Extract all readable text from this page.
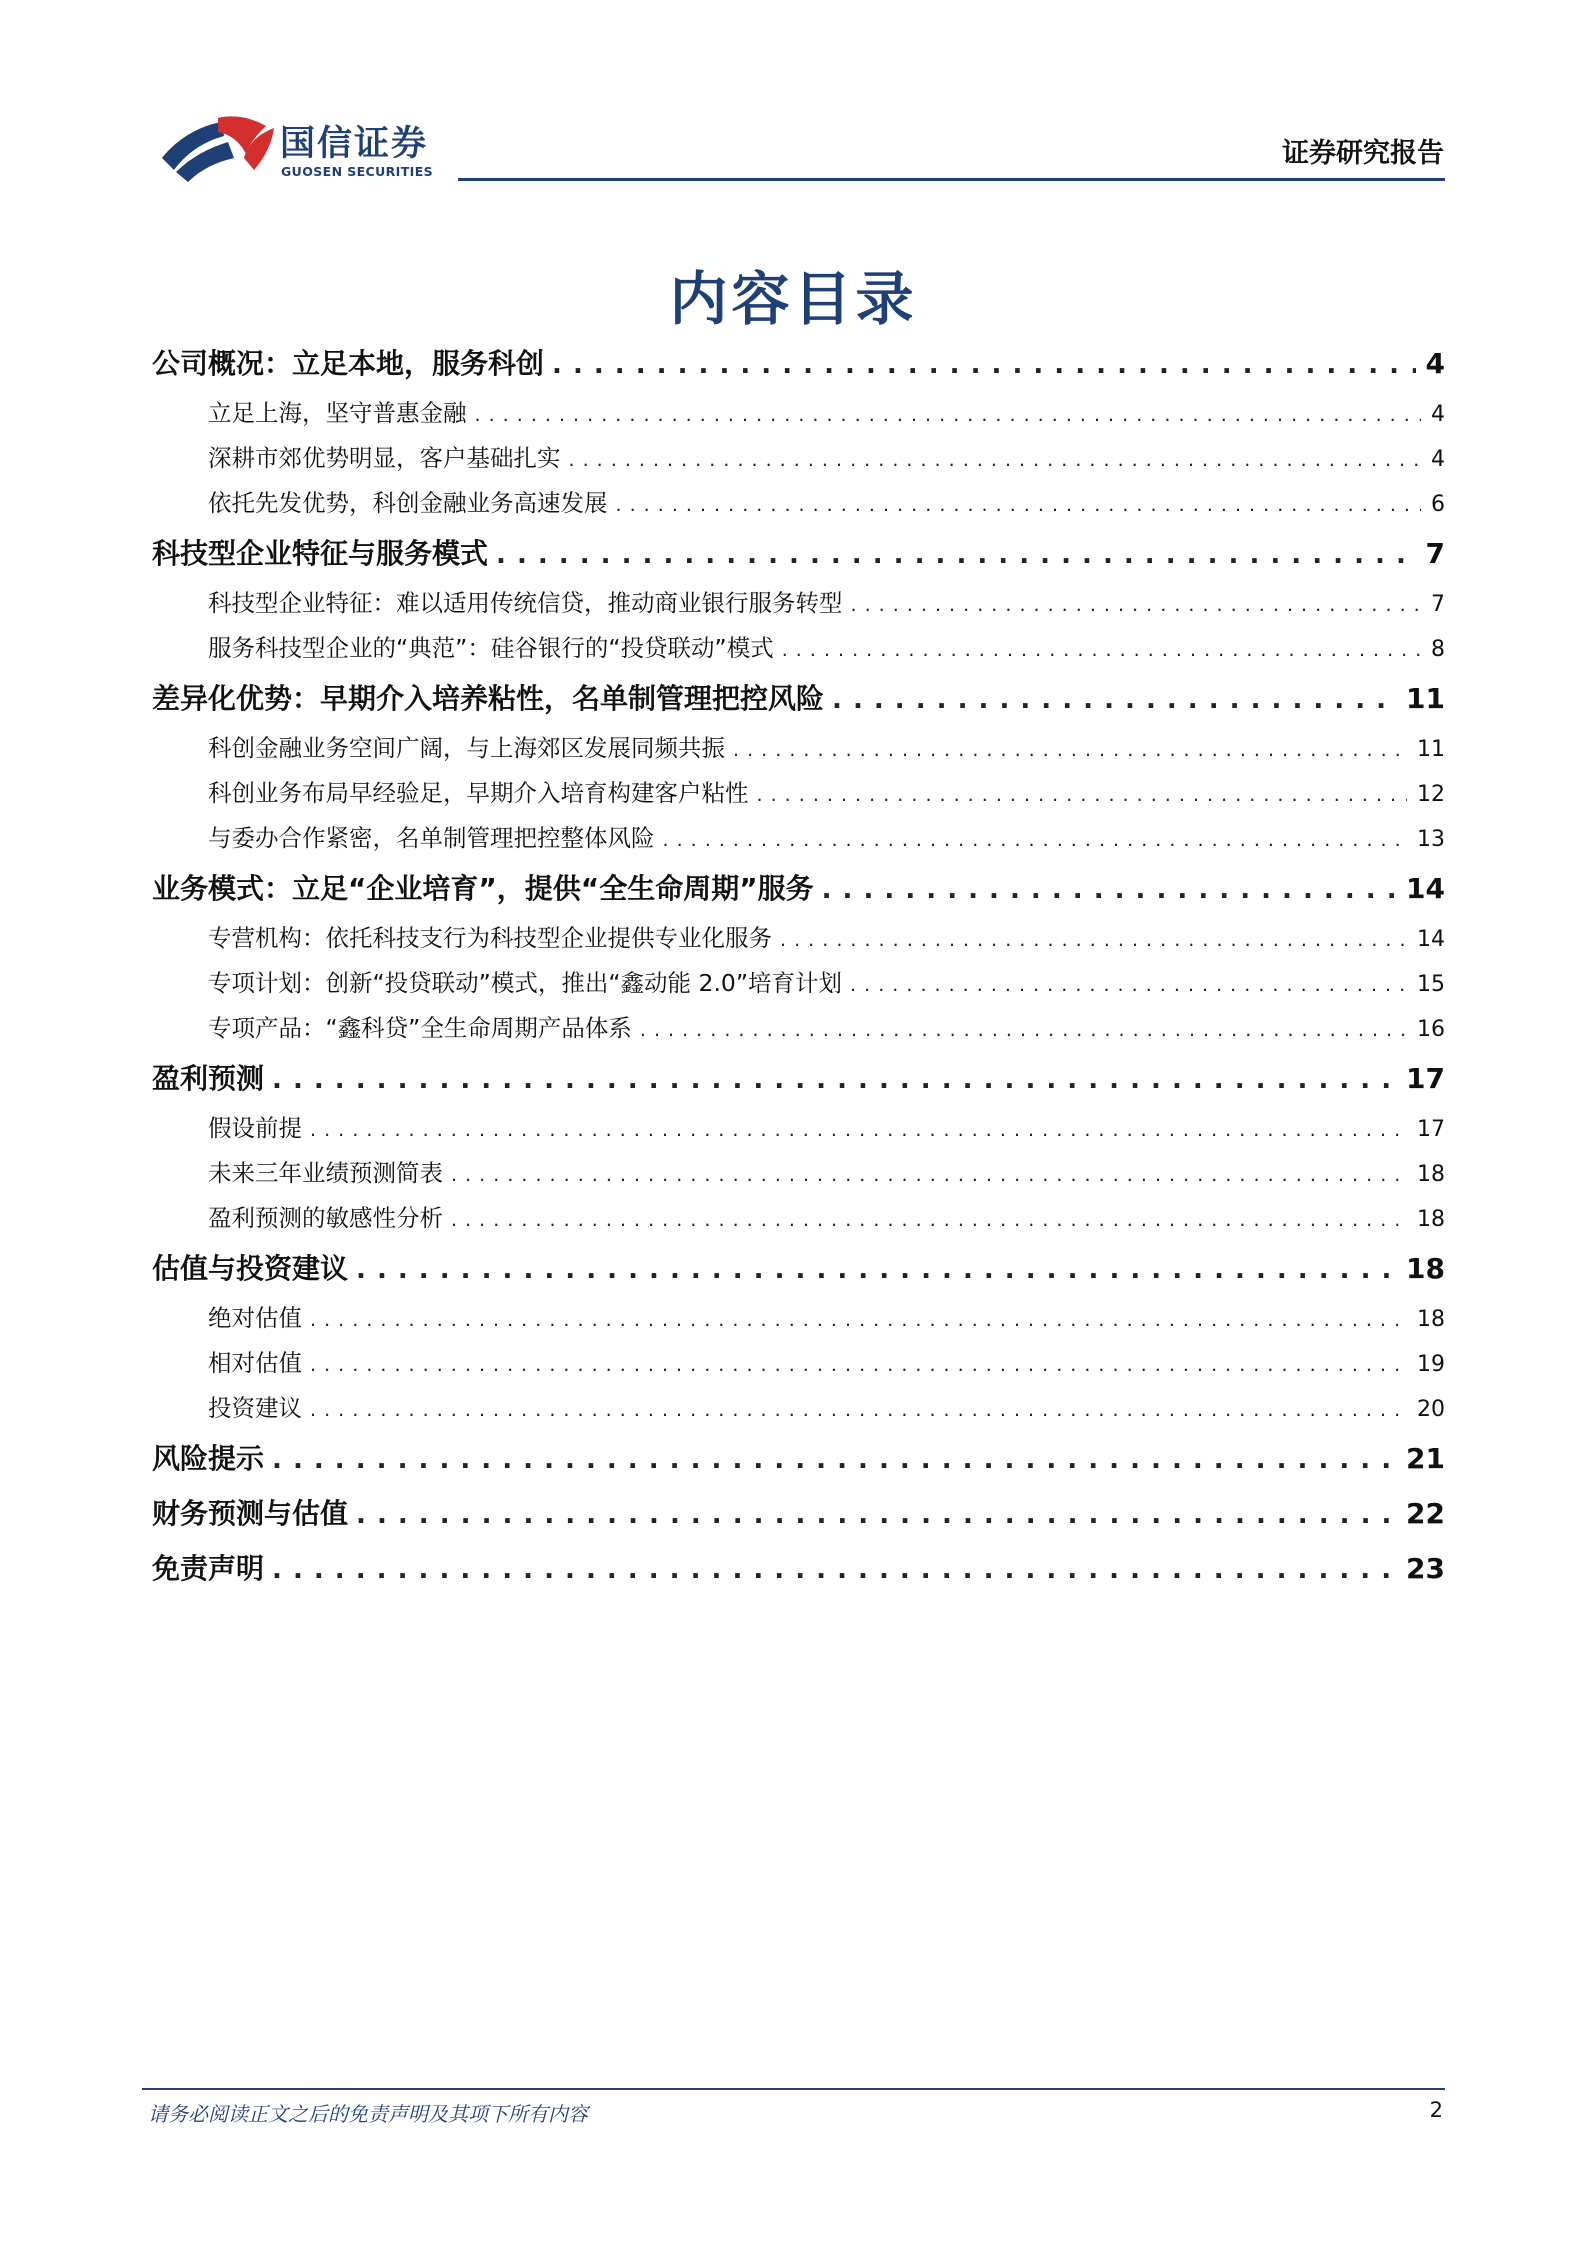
国信证券
GUOSEN SECURITIES
证券研究报告
内容目录
公司概况：立足本地，服务科创 . . .	4
立足上海，坚守普惠金融 . . .	4
深耕市郊优势明显，客户基础扎实 . . .	4
依托先发优势，科创金融业务高速发展 . . .	6
科技型企业特征与服务模式 . . .	7
科技型企业特征：难以适用传统信贷，推动商业银行服务转型 . . .	7
服务科技型企业的“典范”：硅谷银行的“投贷联动”模式 . . .	8
差异化优势：早期介入培养粘性，名单制管理把控风险 . . .	11
科创金融业务空间广阔，与上海郊区发展同频共振 . . .	11
科创业务布局早经验足，早期介入培育构建客户粘性 . . .	12
与委办合作紧密，名单制管理把控整体风险 . . .	13
业务模式：立足“企业培育”，提供“全生命周期”服务 . . .	14
专营机构：依托科技支行为科技型企业提供专业化服务 . . .	14
专项计划：创新“投贷联动”模式，推出“鑫动能 2.0”培育计划 . . .	15
专项产品：“鑫科贷”全生命周期产品体系 . . .	16
盈利预测 . . .	17
假设前提 . . .	17
未来三年业绩预测简表 . . .	18
盈利预测的敏感性分析 . . .	18
估值与投资建议 . . .	18
绝对估值 . . .	18
相对估值 . . .	19
投资建议 . . .	20
风险提示 . . .	21
财务预测与估值 . . .	22
免责声明 . . .	23
请务必阅读正文之后的免责声明及其项下所有内容	2
